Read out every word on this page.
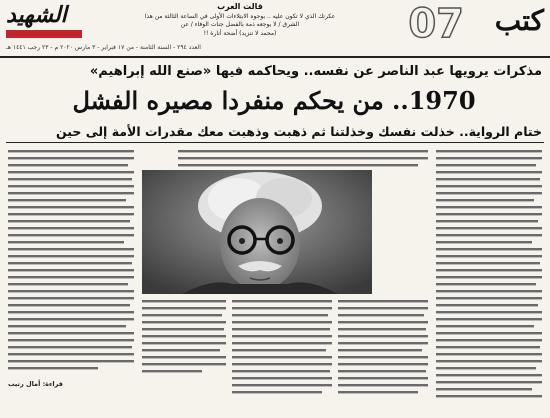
كتب
07
قالت العرب
عكرتك الذي لا تكون عليه .. بوجوه الابتلاءات الأولى في الساعة الثالثة من هذا الشرق / لا يوجعه ذمة بالفضل جنات الوفاء / عن
(محمد لا تنزيد) أضحة أنارة !!
الشهيد
العدد ٢٩٤ - السنة الثامنة - من ١٧ فبراير - ٣ مارس ٢٠٢٠ م - ٢٣ رجب ١٤٤١ هـ
مذكرات يرويها عبد الناصر عن نفسه.. ويحاكمه فيها «صنع الله إبراهيم»
1970.. من يحكم منفردا مصيره الفشل
ختام الرواية.. خذلت نفسك وخذلتنا ثم ذهبت وذهبت معك مقدرات الأمة إلى حين
قراءة: أمال رتيب
